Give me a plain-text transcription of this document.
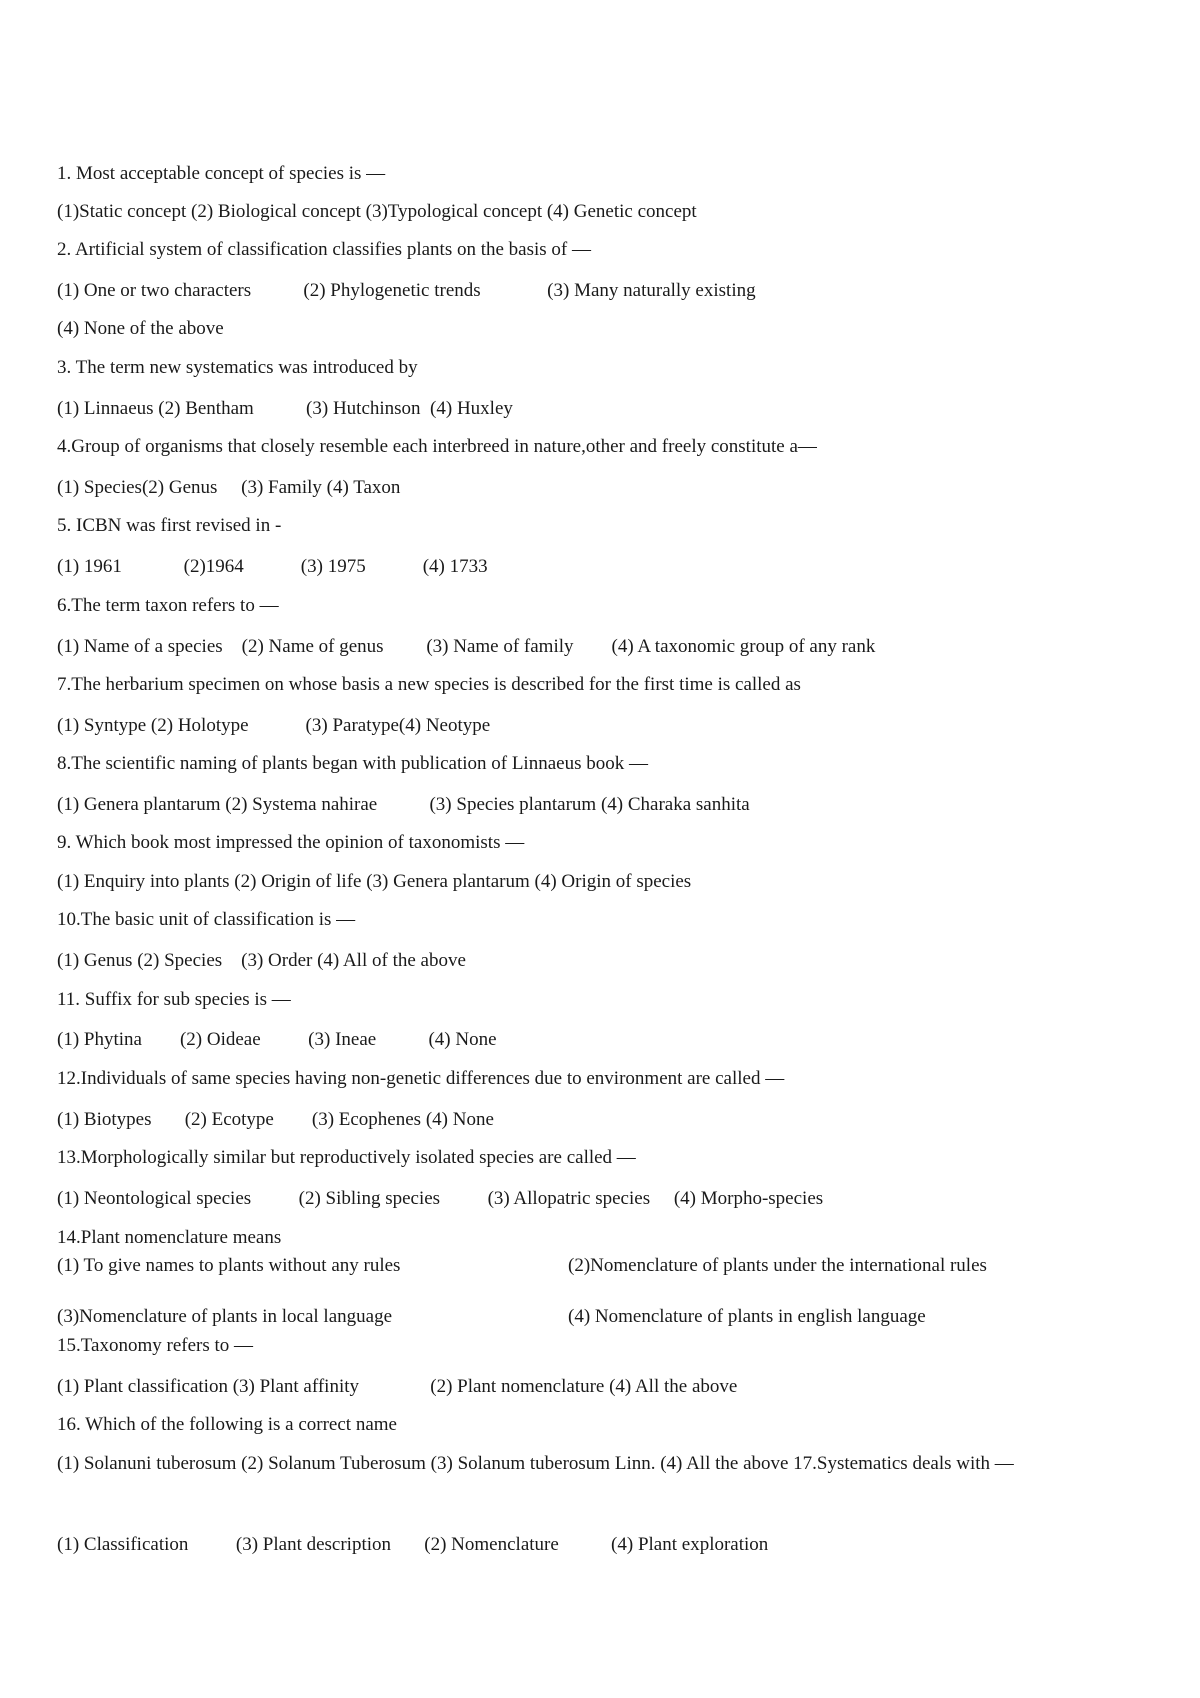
1. Most acceptable concept of species is —
(1)Static concept (2) Biological concept (3)Typological concept (4) Genetic concept
2. Artificial system of classification classifies plants on the basis of —
(1) One or two characters           (2) Phylogenetic trends              (3) Many naturally existing
(4) None of the above
3. The term new systematics was introduced by
(1) Linnaeus (2) Bentham           (3) Hutchinson  (4) Huxley
4.Group of organisms that closely resemble each interbreed in nature,other and freely constitute a—
(1) Species(2) Genus     (3) Family (4) Taxon
5. ICBN was first revised in -
(1) 1961             (2)1964            (3) 1975            (4) 1733
6.The term taxon refers to —
(1) Name of a species    (2) Name of genus         (3) Name of family        (4) A taxonomic group of any rank
7.The herbarium specimen on whose basis a new species is described for the first time is called as
(1) Syntype (2) Holotype            (3) Paratype(4) Neotype
8.The scientific naming of plants began with publication of Linnaeus book —
(1) Genera plantarum (2) Systema nahirae           (3) Species plantarum (4) Charaka sanhita
9. Which book most impressed the opinion of taxonomists —
(1) Enquiry into plants (2) Origin of life (3) Genera plantarum (4) Origin of species
10.The basic unit of classification is —
(1) Genus (2) Species    (3) Order (4) All of the above
11. Suffix for sub species is —
(1) Phytina        (2) Oideae          (3) Ineae           (4) None
12.Individuals of same species having non-genetic differences due to environment are called —
(1) Biotypes       (2) Ecotype        (3) Ecophenes (4) None
13.Morphologically similar but reproductively isolated species are called —
(1) Neontological species          (2) Sibling species          (3) Allopatric species     (4) Morpho-species
14.Plant nomenclature means
(1) To give names to plants without any rules	(2)Nomenclature of plants under the international rules
(3)Nomenclature of plants in local language	(4) Nomenclature of plants in english language
15.Taxonomy refers to —
(1) Plant classification (3) Plant affinity               (2) Plant nomenclature (4) All the above
16. Which of the following is a correct name
(1) Solanuni tuberosum (2) Solanum Tuberosum (3) Solanum tuberosum Linn. (4) All the above 17.Systematics deals with —
(1) Classification          (3) Plant description       (2) Nomenclature           (4) Plant exploration
